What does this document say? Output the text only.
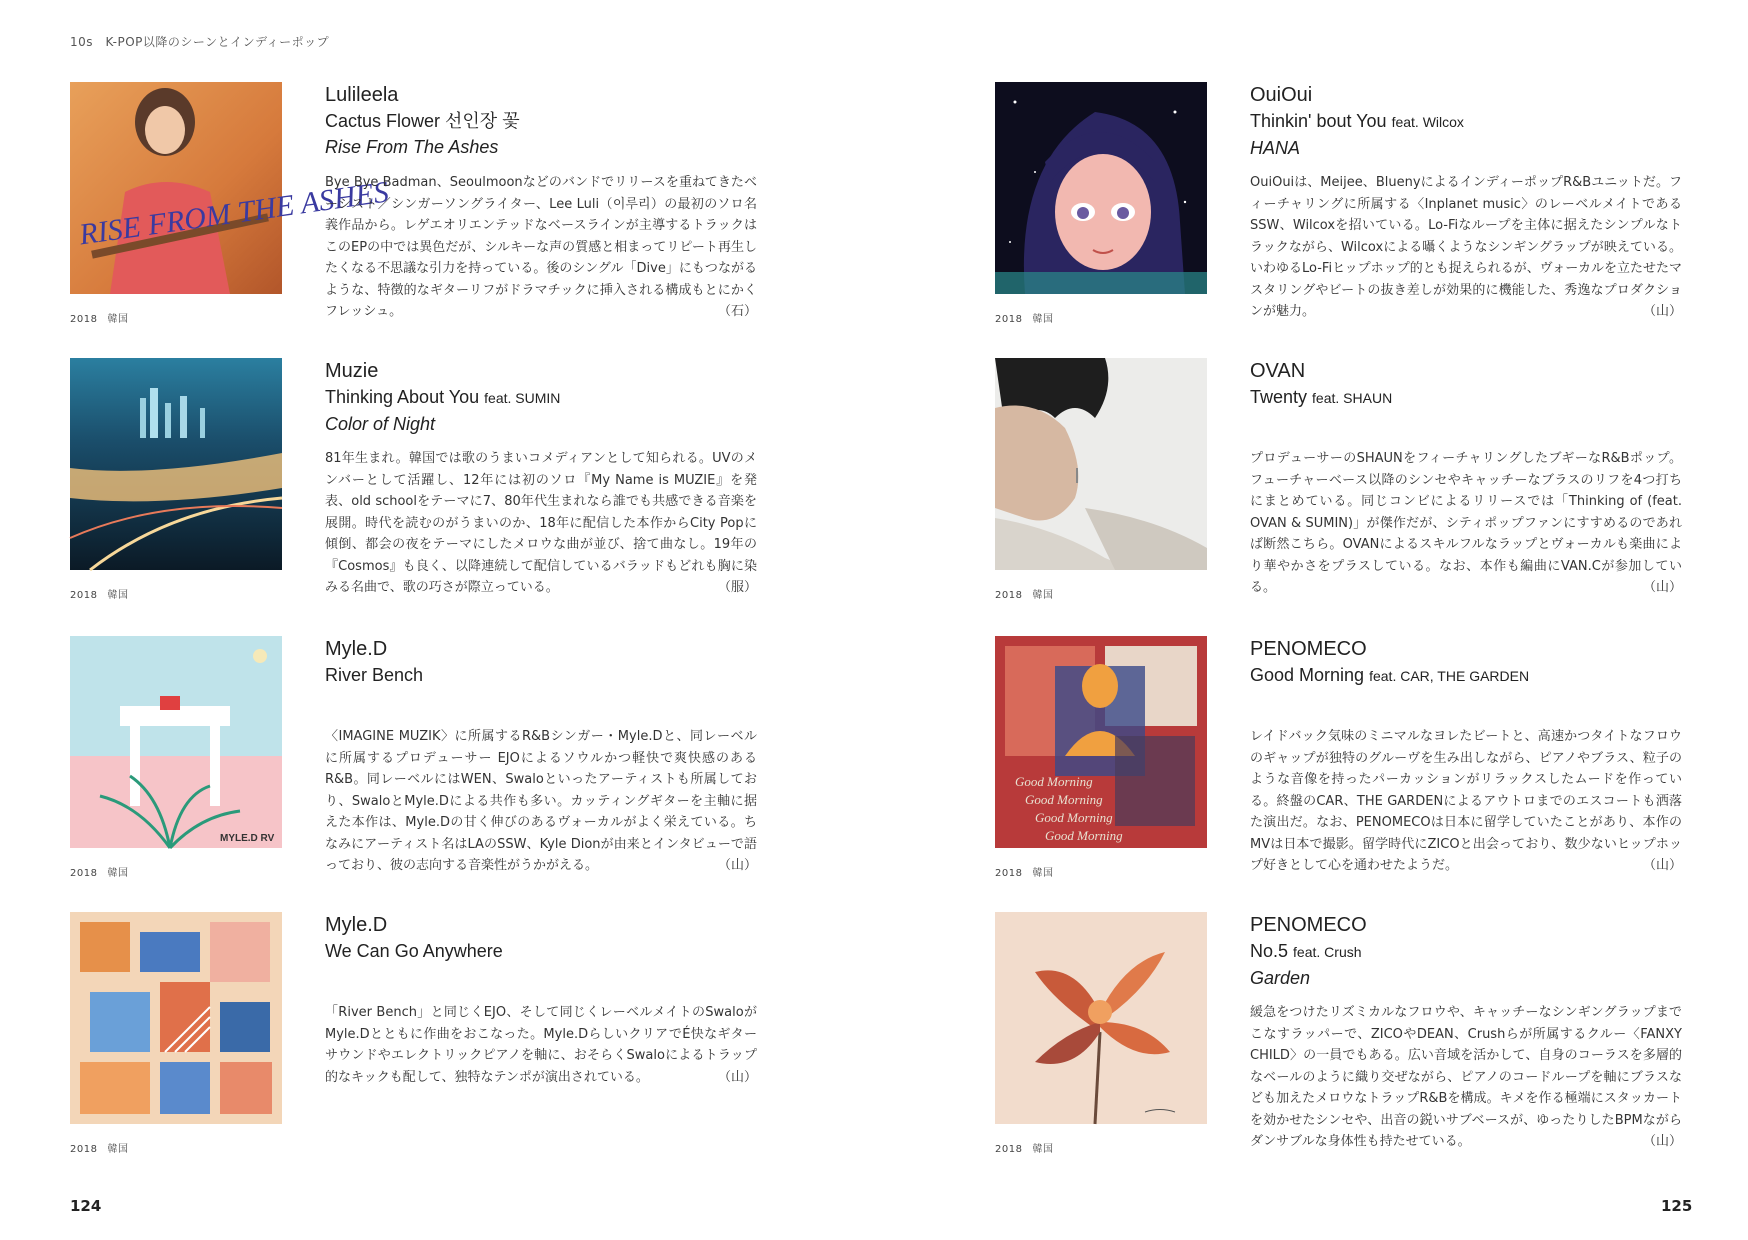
10s　K-POP以降のシーンとインディーポップ
RISE FROM THE ASHES
2018 韓国
Lulileela
Cactus Flower 선인장 꽃
Rise From The Ashes
Bye Bye Badman、Seoulmoonなどのバンドでリリースを重ねてきたベーシスト／シンガーソングライター、Lee Luli（이루리）の最初のソロ名義作品から。レゲエオリエンテッドなベースラインが主導するトラックはこのEPの中では異色だが、シルキーな声の質感と相まってリピート再生したくなる不思議な引力を持っている。後のシングル「Dive」にもつながるような、特徴的なギターリフがドラマチックに挿入される構成もとにかくフレッシュ。	（石）
2018 韓国
Muzie
Thinking About You feat. SUMIN
Color of Night
81年生まれ。韓国では歌のうまいコメディアンとして知られる。UVのメンバーとして活躍し、12年には初のソロ『My Name is MUZIE』を発表、old schoolをテーマに7、80年代生まれなら誰でも共感できる音楽を展開。時代を読むのがうまいのか、18年に配信した本作からCity Popに傾倒、都会の夜をテーマにしたメロウな曲が並び、捨て曲なし。19年の『Cosmos』も良く、以降連続して配信しているバラッドもどれも胸に染みる名曲で、歌の巧さが際立っている。	（服）
MYLE.D RV
2018 韓国
Myle.D
River Bench
〈IMAGINE MUZIK〉に所属するR&Bシンガー・Myle.Dと、同レーベルに所属するプロデューサー EJOによるソウルかつ軽快で爽快感のあるR&B。同レーベルにはWEN、Swaloといったアーティストも所属しており、SwaloとMyle.Dによる共作も多い。カッティングギターを主軸に据えた本作は、Myle.Dの甘く伸びのあるヴォーカルがよく栄えている。ちなみにアーティスト名はLAのSSW、Kyle Dionが由来とインタビューで語っており、彼の志向する音楽性がうかがえる。	（山）
2018 韓国
Myle.D
We Can Go Anywhere
「River Bench」と同じくEJO、そして同じくレーベルメイトのSwaloがMyle.Dとともに作曲をおこなった。Myle.DらしいクリアでÉ快なギターサウンドやエレクトリックピアノを軸に、おそらくSwaloによるトラップ的なキックも配して、独特なテンポが演出されている。	（山）
2018 韓国
OuiOui
Thinkin' bout You feat. Wilcox
HANA
OuiOuiは、Meijee、BluenyによるインディーポップR&Bユニットだ。フィーチャリングに所属する〈Inplanet music〉のレーベルメイトであるSSW、Wilcoxを招いている。Lo-Fiなループを主体に据えたシンプルなトラックながら、Wilcoxによる囁くようなシンギングラップが映えている。いわゆるLo-Fiヒップホップ的とも捉えられるが、ヴォーカルを立たせたマスタリングやビートの抜き差しが効果的に機能した、秀逸なプロダクションが魅力。	（山）
2018 韓国
OVAN
Twenty feat. SHAUN
プロデューサーのSHAUNをフィーチャリングしたブギーなR&Bポップ。フューチャーベース以降のシンセやキャッチーなブラスのリフを4つ打ちにまとめている。同じコンビによるリリースでは「Thinking of (feat. OVAN & SUMIN)」が傑作だが、シティポップファンにすすめるのであれば断然こちら。OVANによるスキルフルなラップとヴォーカルも楽曲により華やかさをプラスしている。なお、本作も編曲にVAN.Cが参加している。	（山）
Good Morning
Good Morning
Good Morning
Good Morning
2018 韓国
PENOMECO
Good Morning feat. CAR, THE GARDEN
レイドバック気味のミニマルなヨレたビートと、高速かつタイトなフロウのギャップが独特のグルーヴを生み出しながら、ピアノやブラス、粒子のような音像を持ったパーカッションがリラックスしたムードを作っている。終盤のCAR、THE GARDENによるアウトロまでのエスコートも洒落た演出だ。なお、PENOMECOは日本に留学していたことがあり、本作のMVは日本で撮影。留学時代にZICOと出会っており、数少ないヒップホップ好きとして心を通わせたようだ。	（山）
2018 韓国
PENOMECO
No.5 feat. Crush
Garden
緩急をつけたリズミカルなフロウや、キャッチーなシンギングラップまでこなすラッパーで、ZICOやDEAN、Crushらが所属するクルー〈FANXY CHILD〉の一員でもある。広い音域を活かして、自身のコーラスを多層的なベールのように織り交ぜながら、ピアノのコードループを軸にブラスなども加えたメロウなトラップR&Bを構成。キメを作る極端にスタッカートを効かせたシンセや、出音の鋭いサブベースが、ゆったりしたBPMながらダンサブルな身体性も持たせている。	（山）
124	125
